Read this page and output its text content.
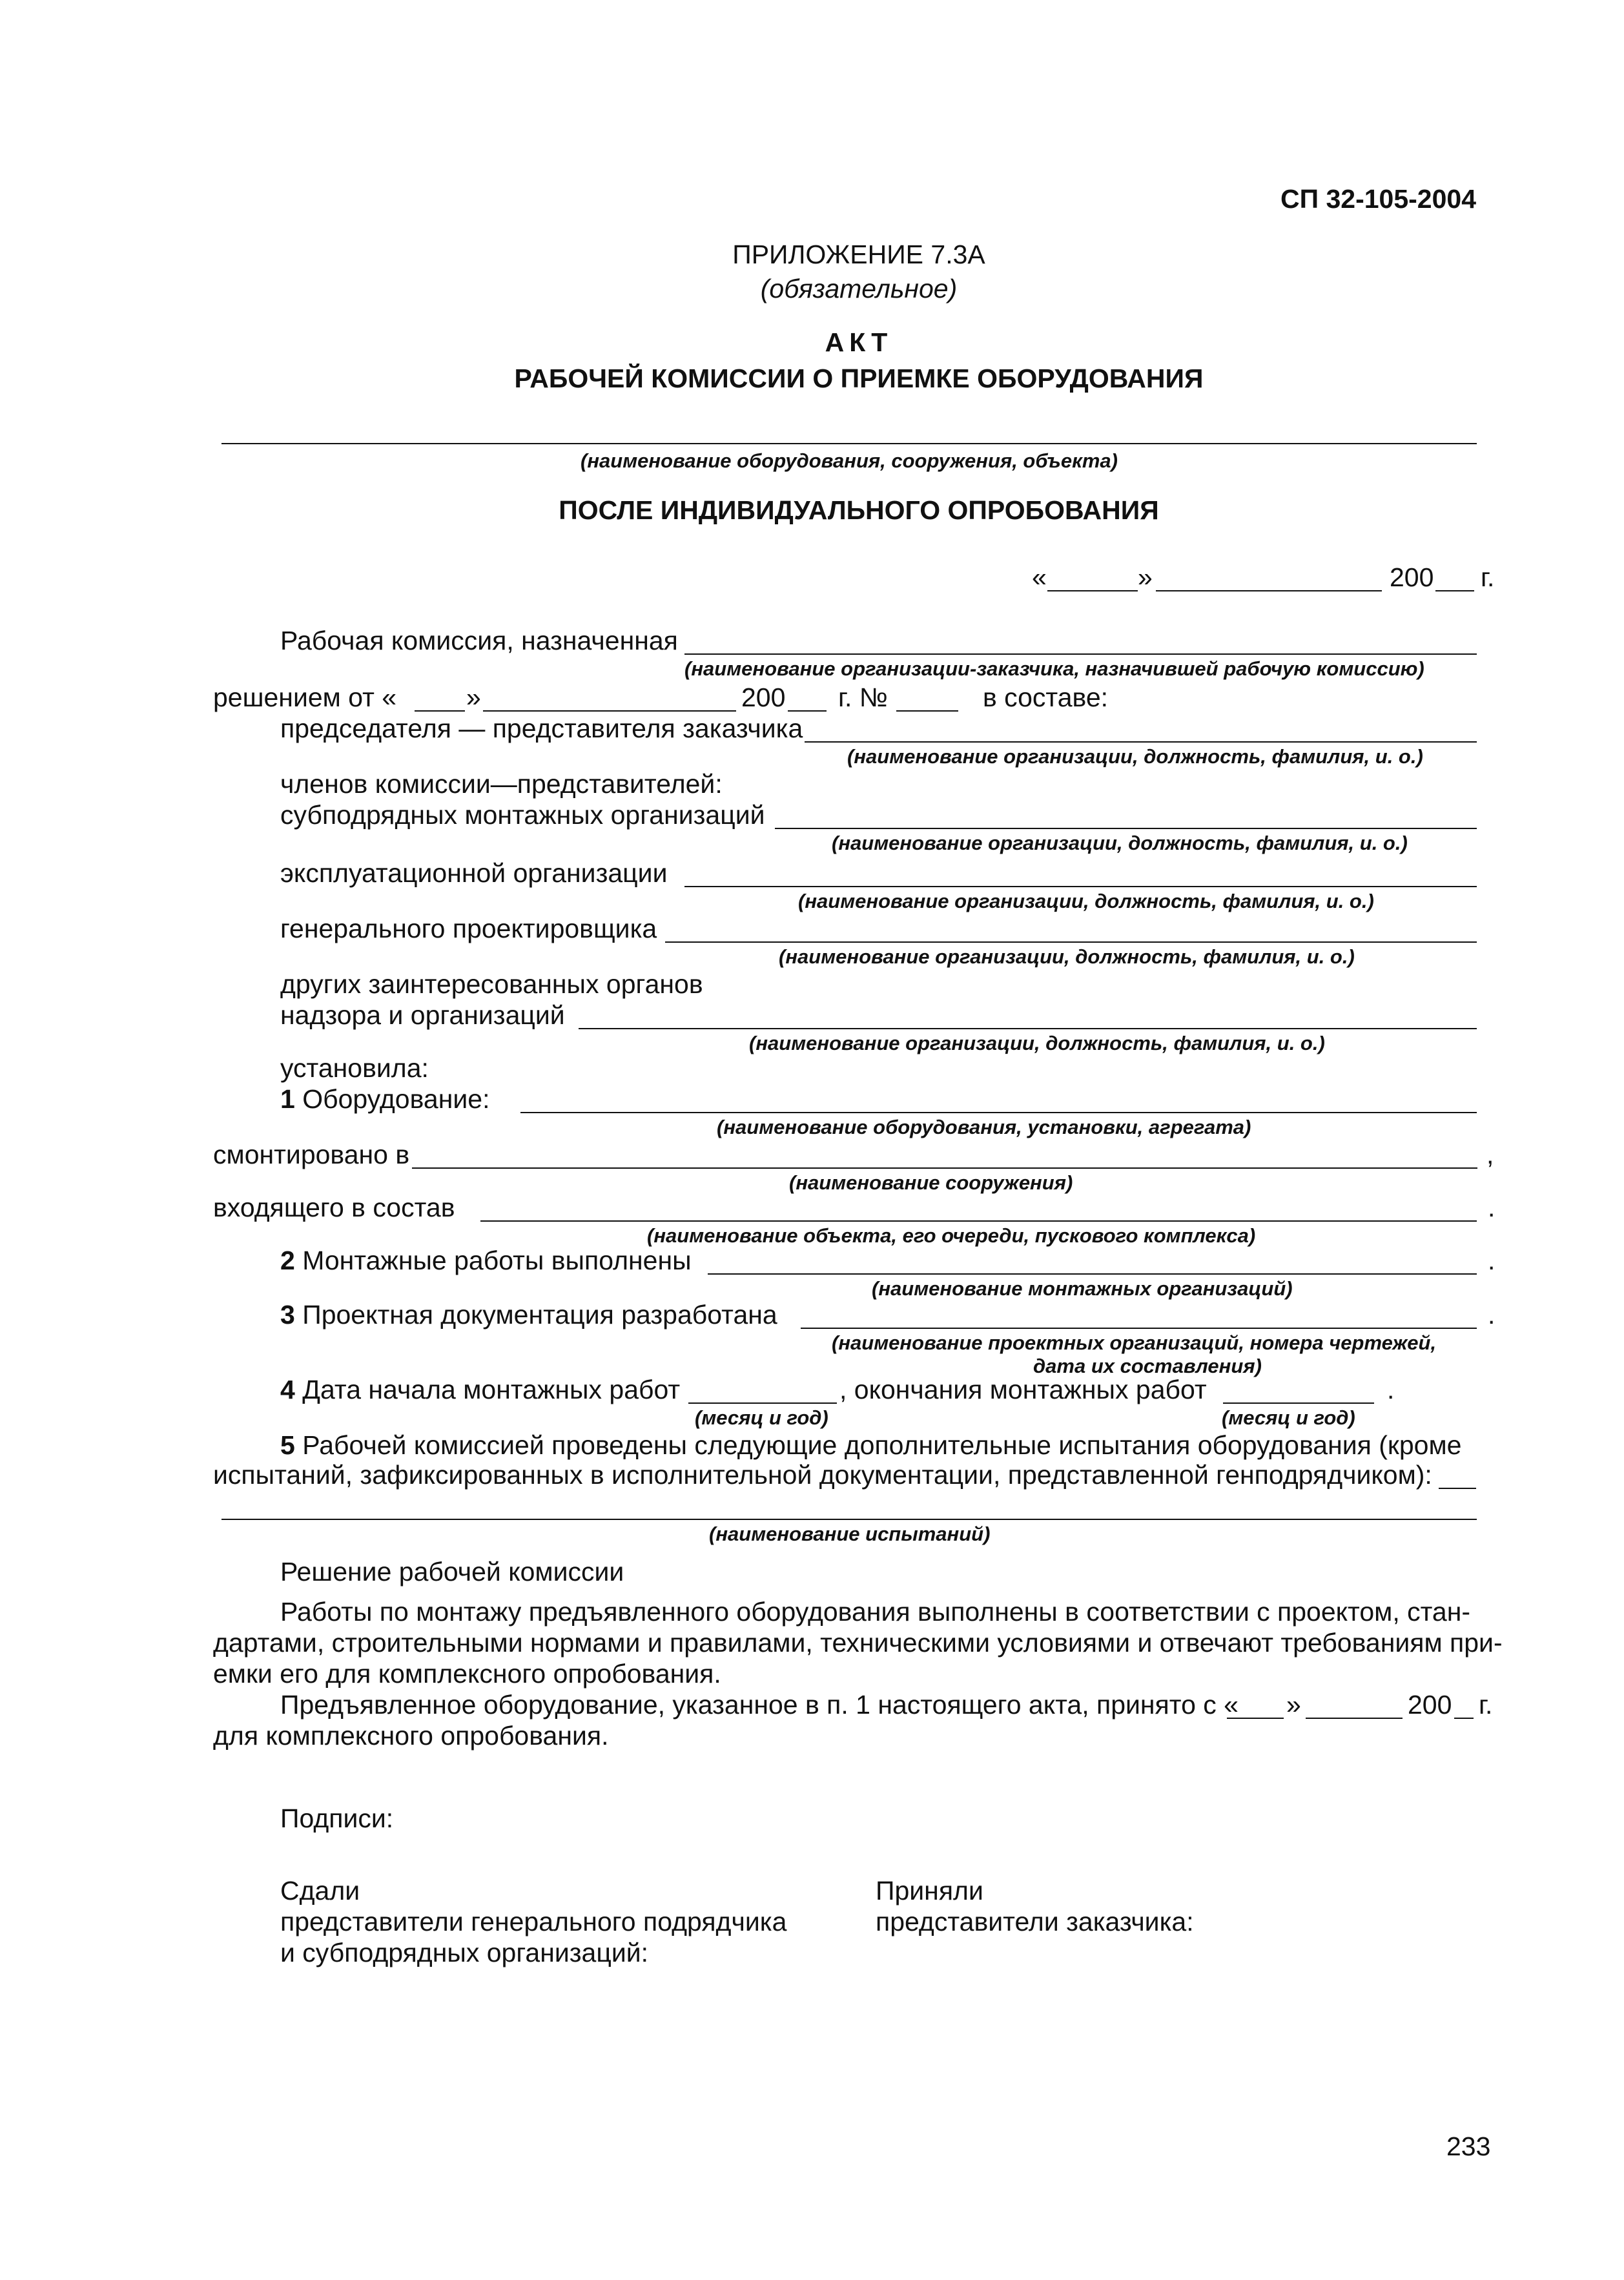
СП 32-105-2004
ПРИЛОЖЕНИЕ 7.3А
(обязательное)
АКТ
РАБОЧЕЙ КОМИССИИ О ПРИЕМКЕ ОБОРУДОВАНИЯ
(наименование оборудования, сооружения, объекта)
ПОСЛЕ ИНДИВИДУАЛЬНОГО ОПРОБОВАНИЯ
«	»	200 г.
Рабочая комиссия, назначенная
(наименование организации-заказчика, назначившей рабочую комиссию)
решением от «	»	200 г. №	в составе:
председателя — представителя заказчика
(наименование организации, должность, фамилия, и. о.)
членов комиссии—представителей:
субподрядных монтажных организаций
(наименование организации, должность, фамилия, и. о.)
эксплуатационной организации
(наименование организации, должность, фамилия, и. о.)
генерального проектировщика
(наименование организации, должность, фамилия, и. о.)
других заинтересованных органов
надзора и организаций
(наименование организации, должность, фамилия, и. о.)
установила:
1 Оборудование:
(наименование оборудования, установки, агрегата)
смонтировано в	,
(наименование сооружения)
входящего в состав	.
(наименование объекта, его очереди, пускового комплекса)
2 Монтажные работы выполнены	.
(наименование монтажных организаций)
3 Проектная документация разработана	.
(наименование проектных организаций, номера чертежей,
дата их составления)
4 Дата начала монтажных работ	, окончания монтажных работ	.
(месяц и год)	(месяц и год)
5 Рабочей комиссией проведены следующие дополнительные испытания оборудования (кроме
испытаний, зафиксированных в исполнительной документации, представленной генподрядчиком):
(наименование испытаний)
Решение рабочей комиссии
Работы по монтажу предъявленного оборудования выполнены в соответствии с проектом, стан-
дартами, строительными нормами и правилами, техническими условиями и отвечают требованиям при-
емки его для комплексного опробования.
Предъявленное оборудование, указанное в п. 1 настоящего акта, принято с « »	200 г.
для комплексного опробования.
Подписи:
Сдали
представители генерального подрядчика
и субподрядных организаций:
Приняли
представители заказчика:
233
